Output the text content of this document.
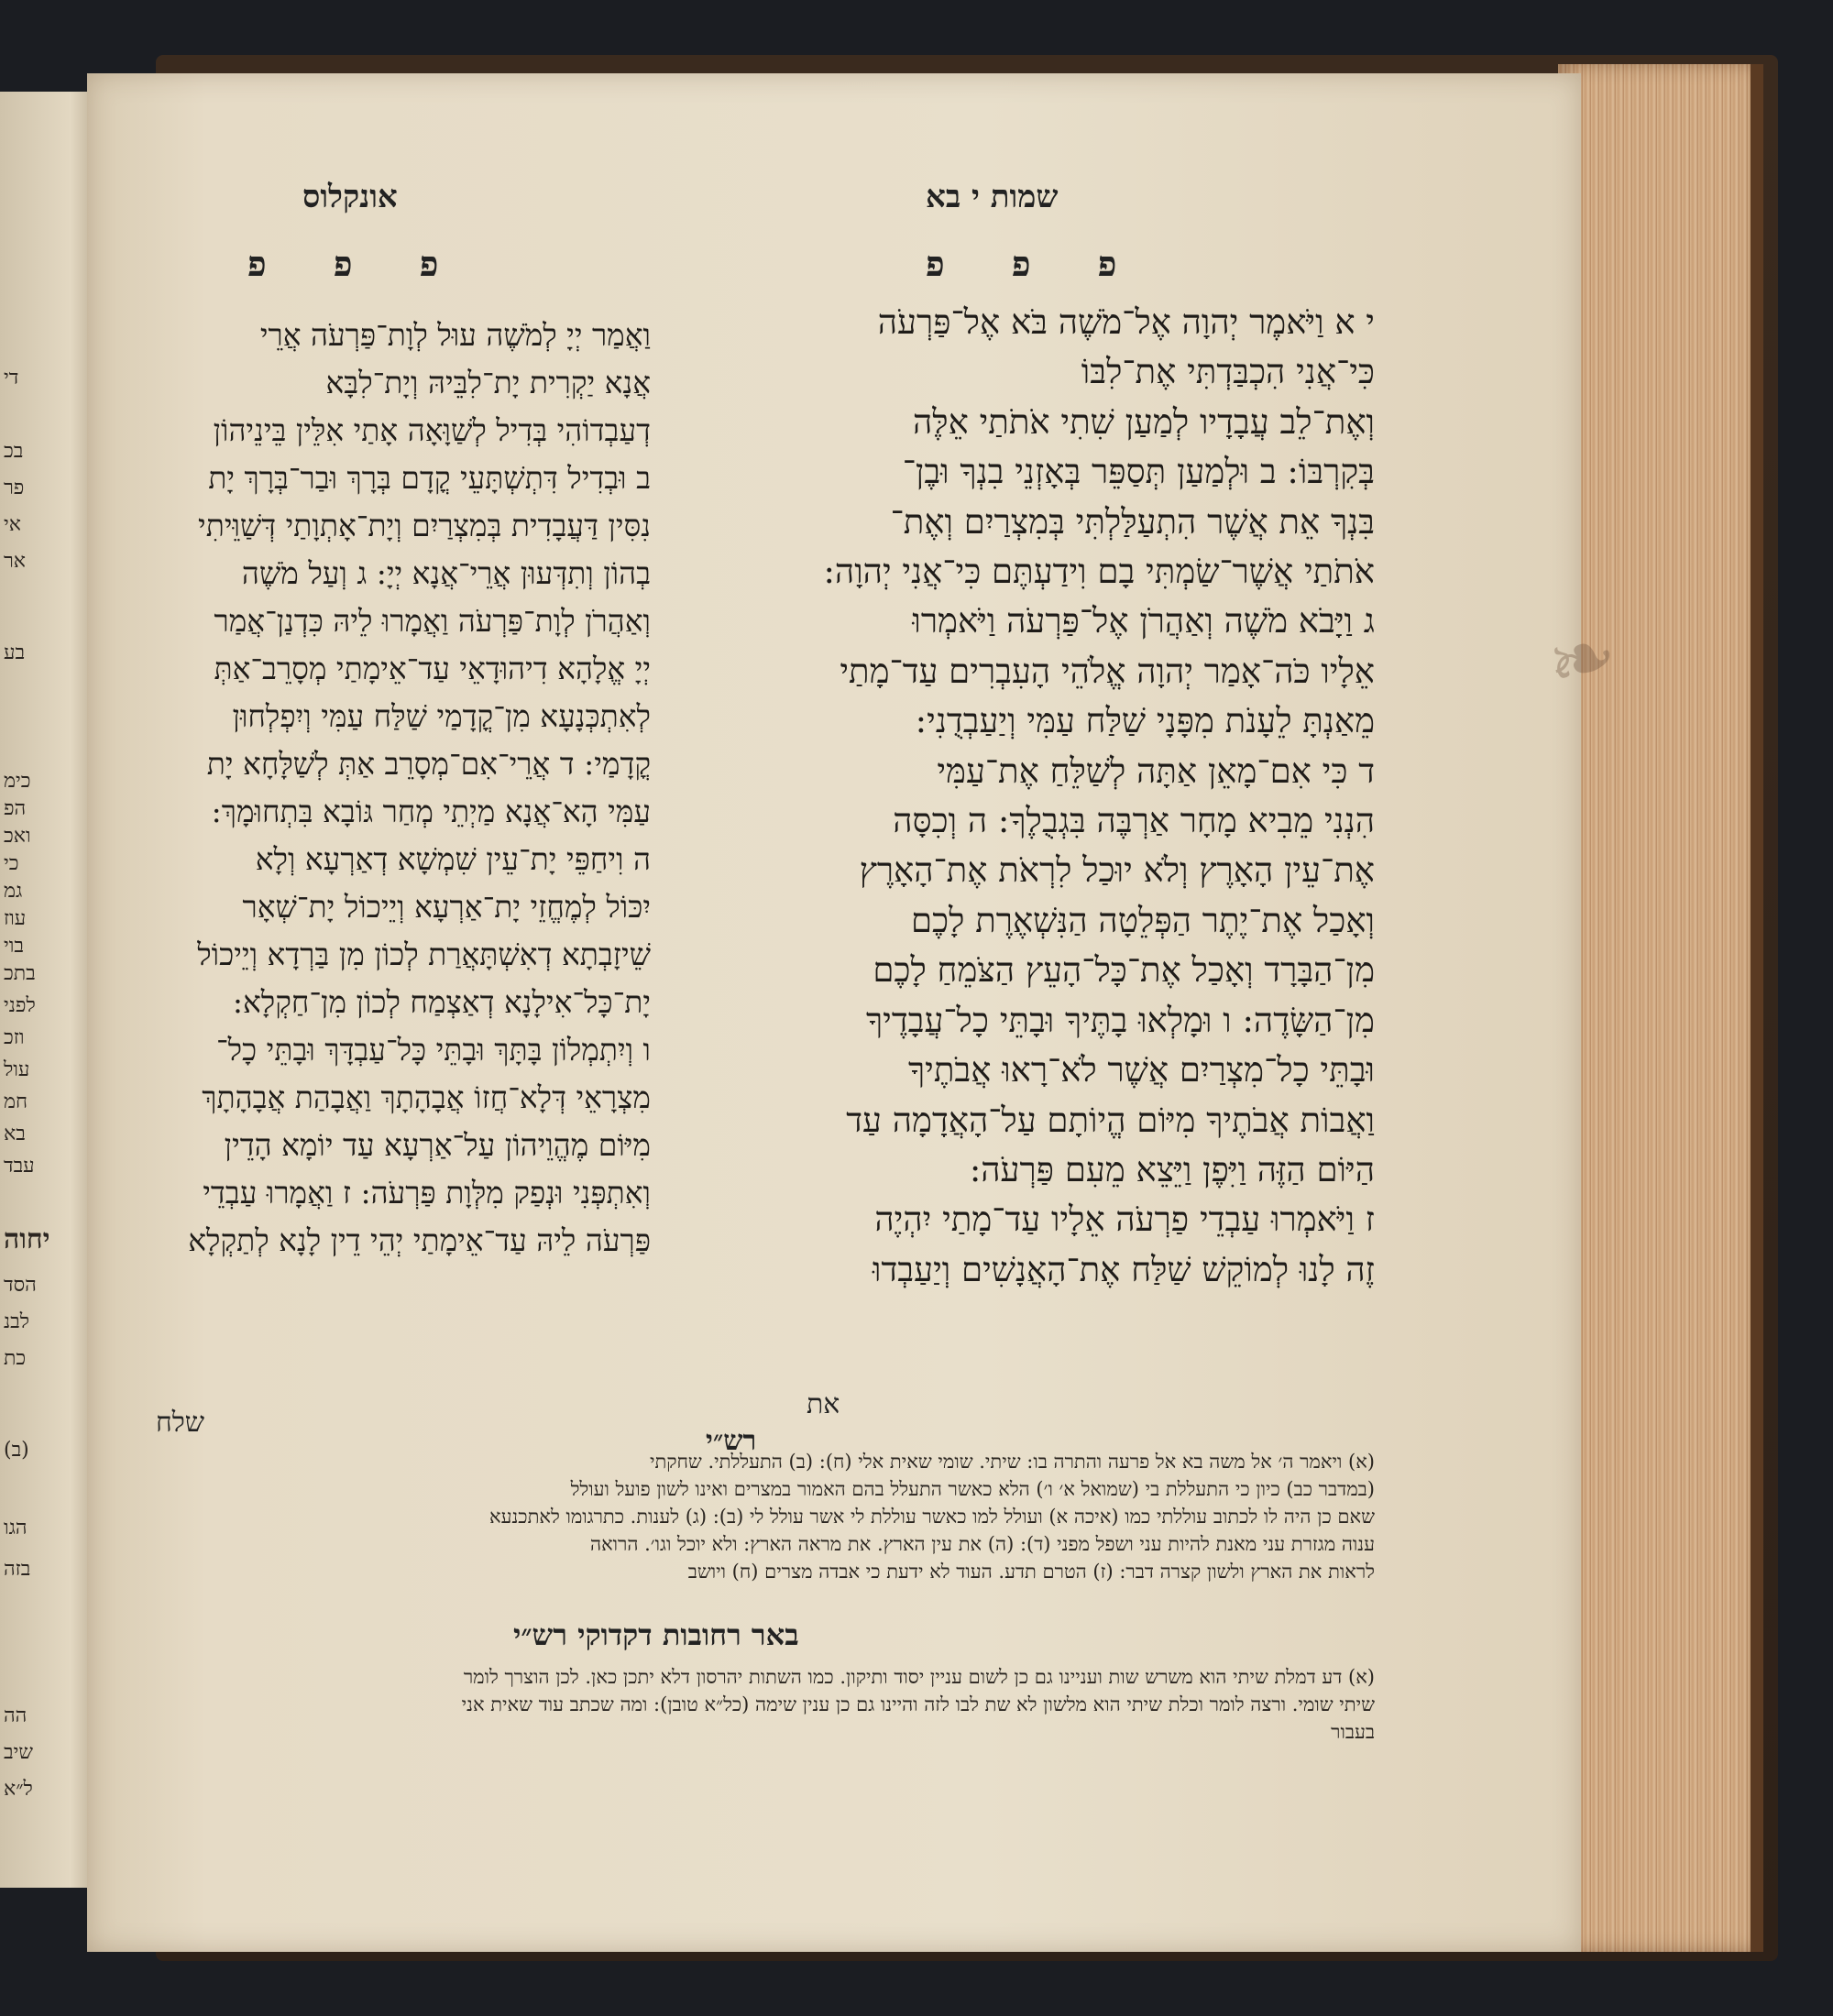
די
בכ
פר
אי
אר
בע
כימ
הפ
ואכ
כי
גמ
עוז
בוי
בתכ
לפני
וזכ
עול
חמ
בא
עבד
יחוה
הסד
לבנ
כת
(ב)
הגו
בזה
הה
שיב
ל״א
אונקלוס	שמות י בא
פ פ פ	פ פ פ
י א וַיֹּאמֶר יְהוָה אֶל־מֹשֶׁה בֹּא אֶל־פַּרְעֹה
כִּי־אֲנִי הִכְבַּדְתִּי אֶת־לִבּוֹ
וְאֶת־לֵב עֲבָדָיו לְמַעַן שִׁתִי אֹתֹתַי אֵלֶּה
בְּקִרְבּוֹ: ב וּלְמַעַן תְּסַפֵּר בְּאָזְנֵי בִנְךָ וּבֶן־
בִּנְךָ אֵת אֲשֶׁר הִתְעַלַּלְתִּי בְּמִצְרַיִם וְאֶת־
אֹתֹתַי אֲשֶׁר־שַׂמְתִּי בָם וִידַעְתֶּם כִּי־אֲנִי יְהוָה:
ג וַיָּבֹא מֹשֶׁה וְאַהֲרֹן אֶל־פַּרְעֹה וַיֹּאמְרוּ
אֵלָיו כֹּה־אָמַר יְהוָה אֱלֹהֵי הָעִבְרִים עַד־מָתַי
מֵאַנְתָּ לֵעָנֹת מִפָּנָי שַׁלַּח עַמִּי וְיַעַבְדֻנִי:
ד כִּי אִם־מָאֵן אַתָּה לְשַׁלֵּחַ אֶת־עַמִּי
הִנְנִי מֵבִיא מָחָר אַרְבֶּה בִּגְבֻלֶךָ: ה וְכִסָּה
אֶת־עֵין הָאָרֶץ וְלֹא יוּכַל לִרְאֹת אֶת־הָאָרֶץ
וְאָכַל אֶת־יֶתֶר הַפְּלֵטָה הַנִּשְׁאֶרֶת לָכֶם
מִן־הַבָּרָד וְאָכַל אֶת־כָּל־הָעֵץ הַצֹּמֵחַ לָכֶם
מִן־הַשָּׂדֶה: ו וּמָלְאוּ בָתֶּיךָ וּבָתֵּי כָל־עֲבָדֶיךָ
וּבָתֵּי כָל־מִצְרַיִם אֲשֶׁר לֹא־רָאוּ אֲבֹתֶיךָ
וַאֲבוֹת אֲבֹתֶיךָ מִיּוֹם הֱיוֹתָם עַל־הָאֲדָמָה עַד
הַיּוֹם הַזֶּה וַיִּפֶן וַיֵּצֵא מֵעִם פַּרְעֹה:
ז וַיֹּאמְרוּ עַבְדֵי פַרְעֹה אֵלָיו עַד־מָתַי יִהְיֶה
זֶה לָנוּ לְמוֹקֵשׁ שַׁלַּח אֶת־הָאֲנָשִׁים וְיַעַבְדוּ
את
וַאֲמַר יְיָ לְמֹשֶׁה עוּל לְוָת־פַּרְעֹה אֲרֵי
אֲנָא יַקְרִית יָת־לִבֵּיהּ וְיָת־לִבָּא
דְעַבְדוֹהִי בְּדִיל לְשַׁוָּאָה אָתַי אִלֵּין בֵּינֵיהוֹן
ב וּבְדִיל דִּתְשְׁתָּעֵי קֳדָם בְּרָךְ וּבַר־בְּרָךְ יָת
נִסִּין דַּעֲבָדִית בְּמִצְרַיִם וְיָת־אָתְוָתַי דְּשַׁוֵּיתִי
בְהוֹן וְתִדְּעוּן אֲרֵי־אֲנָא יְיָ: ג וְעַל מֹשֶׁה
וְאַהֲרֹן לְוָת־פַּרְעֹה וַאֲמָרוּ לֵיהּ כִּדְנַן־אֲמַר
יְיָ אֱלָהָא דִיהוּדָאֵי עַד־אֵימָתַי מְסָרֵב־אַתְּ
לְאִתְכְּנָעָא מִן־קֳדָמַי שַׁלַּח עַמִּי וְיִפְלְחוּן
קֳדָמַי: ד אֲרֵי־אִם־מְסָרֵב אַתְּ לְשַׁלָּחָא יָת
עַמִּי הָא־אֲנָא מַיְתֵי מְחַר גּוֹבָא בִּתְחוּמָךְ:
ה וִיחַפֵּי יָת־עֵין שִׁמְשָׁא דְאַרְעָא וְלָא
יִכּוֹל לְמֶחֱזֵי יָת־אַרְעָא וְיֵיכוֹל יָת־שְׁאָר
שֵׁיזָבְתָא דְאִשְׁתָּאֲרַת לְכוֹן מִן בַּרְדָא וְיֵיכוֹל
יָת־כָּל־אִילָנָא דְאַצְמַח לְכוֹן מִן־חַקְלָא:
ו וְיִתְמְלוֹן בָּתָּךְ וּבָתֵּי כָּל־עַבְדָּךְ וּבָתֵּי כָל־
מִצְרָאֵי דְּלָא־חֲזוֹ אֲבָהָתָךְ וַאֲבָהַת אֲבָהָתָךְ
מִיּוֹם מֶהֱוֵיהוֹן עַל־אַרְעָא עַד יוֹמָא הָדֵין
וְאִתְפְּנִי וּנְפַק מִלְּוָת פַּרְעֹה: ז וַאֲמָרוּ עַבְדֵי
פַּרְעֹה לֵיהּ עַד־אֵימָתַי יְהֵי דֵין לָנָא לְתַקְלָא
שלח
רש״י
(א) ויאמר ה׳ אל משה בא אל פרעה והתרה בו: שיתי. שומי שאית אלי (ח): (ב) התעללתי. שחקתי
(במדבר כב) כיון כי התעללת בי (שמואל א׳ ו׳) הלא כאשר התעלל בהם האמור במצרים ואינו לשון פועל ועולל
שאם כן היה לו לכתוב עוללתי כמו (איכה א) ועולל למו כאשר עוללת לי אשר עולל לי (ב): (ג) לענות. כתרגומו לאתכנעא
ענוה מגזרת עני מאנת להיות עני ושפל מפני (ד): (ה) את עין הארץ. את מראה הארץ: ולא יוכל וגו׳. הרואה
לראות את הארץ ולשון קצרה דבר: (ז) הטרם תדע. העוד לא ידעת כי אבדה מצרים (ח) ויושב
באר רחובות דקדוקי רש״י
(א) דע דמלת שיתי הוא משרש שות ועניינו גם כן לשום עניין יסוד ותיקון. כמו השתות יהרסון דלא יתכן כאן. לכן הוצרך לומר
שיתי שומי. ורצה לומר וכלת שיתי הוא מלשון לא שת לבו לזה והיינו גם כן ענין שימה (כל״א טובן): ומה שכתב עוד שאית אני
בעבור
❧
